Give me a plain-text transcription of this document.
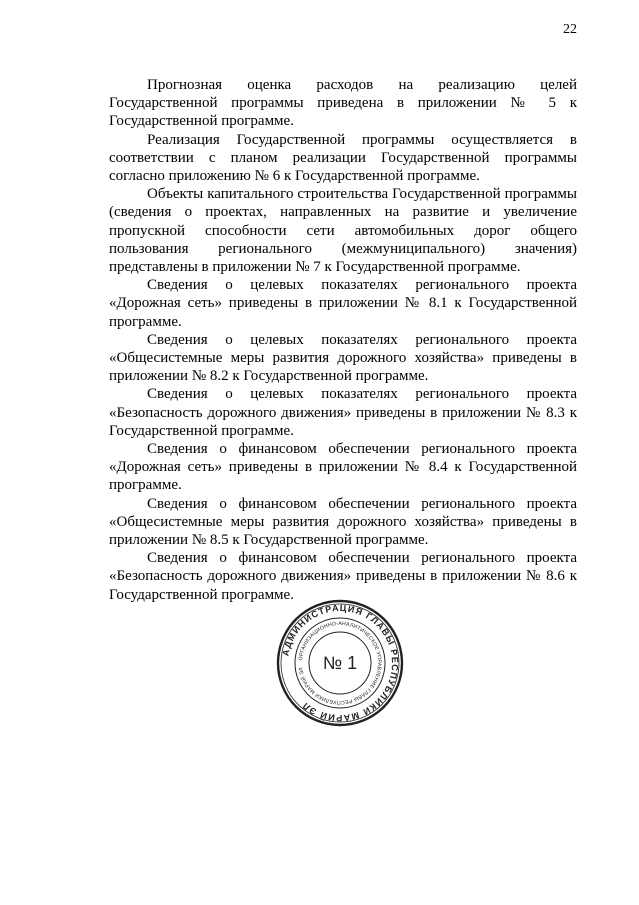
22

Прогнозная оценка расходов на реализацию целей Государственной программы приведена в приложении № 5 к Государственной программе.

Реализация Государственной программы осуществляется в соответствии с планом реализации Государственной программы согласно приложению № 6 к Государственной программе.

Объекты капитального строительства Государственной программы (сведения о проектах, направленных на развитие и увеличение пропускной способности сети автомобильных дорог общего пользования регионального (межмуниципального) значения) представлены в приложении № 7 к Государственной программе.

Сведения о целевых показателях регионального проекта «Дорожная сеть» приведены в приложении № 8.1 к Государственной программе.

Сведения о целевых показателях регионального проекта «Общесистемные меры развития дорожного хозяйства» приведены в приложении № 8.2 к Государственной программе.

Сведения о целевых показателях регионального проекта «Безопасность дорожного движения» приведены в приложении № 8.3 к Государственной программе.

Сведения о финансовом обеспечении регионального проекта «Дорожная сеть» приведены в приложении № 8.4 к Государственной программе.

Сведения о финансовом обеспечении регионального проекта «Общесистемные меры развития дорожного хозяйства» приведены в приложении № 8.5 к Государственной программе.

Сведения о финансовом обеспечении регионального проекта «Безопасность дорожного движения» приведены в приложении № 8.6 к Государственной программе.

АДМИНИСТРАЦИЯ ГЛАВЫ РЕСПУБЛИКИ МАРИЙ ЭЛ
ОРГАНИЗАЦИОННО-АНАЛИТИЧЕСКОЕ УПРАВЛЕНИЕ ГЛАВЫ РЕСПУБЛИКИ МАРИЙ ЭЛ	№ 1
